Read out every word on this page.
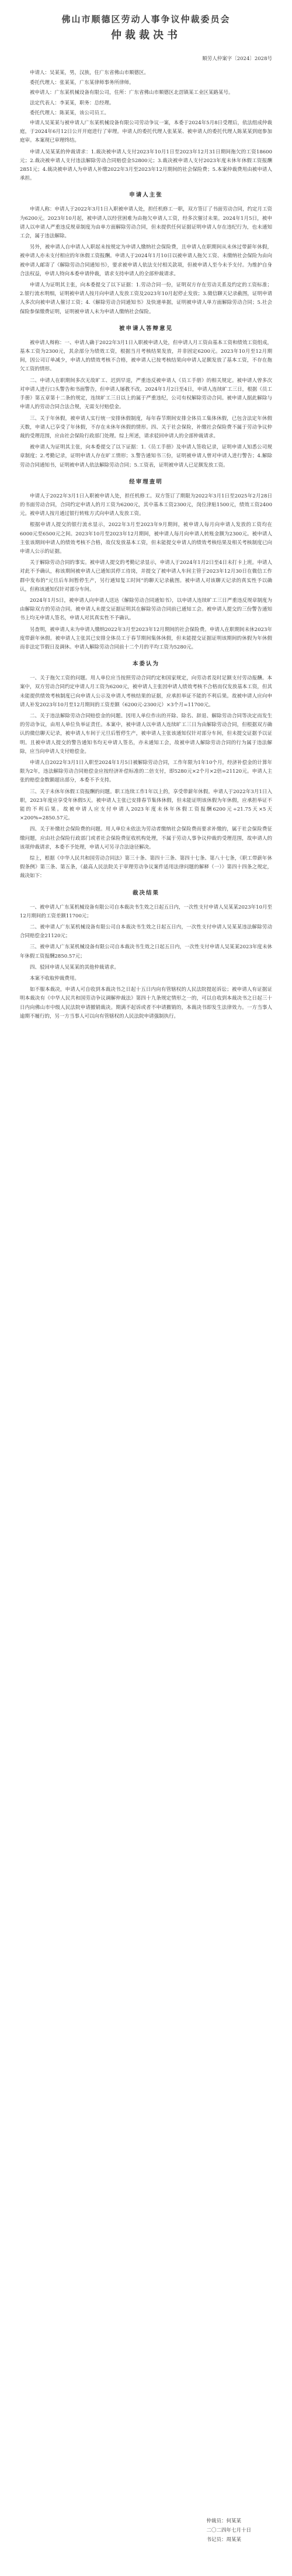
佛山市顺德区劳动人事争议仲裁委员会
仲裁裁决书
顺劳人仲案字〔2024〕2028号

申请人：吴某某，男，汉族，住广东省佛山市顺德区。

委托代理人：张某某，广东某律师事务所律师。

被申请人：广东某机械设备有限公司，住所：广东省佛山市顺德区北滘镇某工业区某路某号。

法定代表人：李某某，职务：总经理。

委托代理人：陈某某，该公司员工。

申请人吴某某与被申请人广东某机械设备有限公司劳动争议一案，本委于2024年5月8日受理后，依法组成仲裁庭，于2024年6月12日公开开庭进行了审理。申请人的委托代理人张某某、被申请人的委托代理人陈某某到庭参加庭审。本案现已审理终结。

申请人吴某某的仲裁请求：1.裁决被申请人支付2023年10月1日至2023年12月31日期间拖欠的工资18600元；2.裁决被申请人支付违法解除劳动合同赔偿金52800元；3.裁决被申请人支付2023年度未休年休假工资报酬2851元；4.裁决被申请人为申请人补缴2022年3月至2023年12月期间的社会保险费；5.本案仲裁费用由被申请人承担。

申请人主张

申请人称：申请人于2022年3月1日入职被申请人处，担任机修工一职，双方签订了书面劳动合同，约定月工资为6200元。2023年10月起，被申请人以经营困难为由拖欠申请人工资，经多次催讨未果。2024年1月5日，被申请人以申请人严重违反规章制度为由单方面解除劳动合同，但未提供任何证据证明申请人存在违纪行为，也未通知工会，属于违法解除。

另外，被申请人自申请人入职起未按规定为申请人缴纳社会保险费，且申请人在职期间从未休过带薪年休假，被申请人亦未支付相应的年休假工资报酬。申请人于2024年1月10日以被申请人拖欠工资、未缴纳社会保险为由向被申请人邮寄了《解除劳动合同通知书》，要求被申请人依法支付相关款项，但被申请人至今未予支付。为维护自身合法权益，申请人特向本委申请仲裁，请求支持申请人的全部仲裁请求。

申请人为证明其主张，向本委提交了以下证据：1.劳动合同一份，证明双方存在劳动关系及约定的工资标准；2.银行流水明细，证明被申请人按月向申请人发放工资及2023年10月起停止发放；3.微信聊天记录截图，证明申请人多次向被申请人催讨工资；4.《解除劳动合同通知书》及快递单据，证明被申请人单方面解除劳动合同；5.社会保险参保缴费证明，证明被申请人未为申请人缴纳社会保险。

被申请人答辩意见

被申请人辩称：一、申请人确于2022年3月1日入职被申请人处，但申请人月工资由基本工资和绩效工资组成，基本工资为2300元，其余部分为绩效工资，根据当月考核结果发放，并非固定6200元。2023年10月至12月期间，因公司订单减少，申请人的绩效考核不合格，被申请人已按考核结果向申请人足额发放了基本工资，不存在拖欠工资的情形。

二、申请人在职期间多次无故旷工、迟到早退，严重违反被申请人《员工手册》的相关规定。被申请人曾多次对申请人进行口头警告和书面警告，但申请人屡教不改。2024年1月2日至4日，申请人连续旷工三日，根据《员工手册》第五章第十二条的规定，连续旷工三日以上的属于严重违纪，公司有权解除劳动合同。被申请人据此解除与申请人的劳动合同合法合规，无需支付赔偿金。

三、关于年休假，被申请人实行统一安排休假制度，每年春节期间安排全体员工集体休假，已包含法定年休假天数，申请人已享受了年休假，不存在未休年休假的情形。四、关于社会保险，补缴社会保险费不属于劳动争议仲裁的受理范围，应由社会保险行政部门处理。综上所述，请求驳回申请人的全部仲裁请求。

被申请人为证明其主张，向本委提交了以下证据：1.《员工手册》及申请人签收记录，证明申请人知悉公司规章制度；2.考勤记录，证明申请人存在旷工情形；3.警告通知书三份，证明被申请人曾对申请人进行警告；4.解除劳动合同通知书，证明被申请人依法解除劳动合同；5.工资表，证明被申请人已足额发放工资。

经审理查明

申请人于2022年3月1日入职被申请人处，担任机修工。双方签订了期限为2022年3月1日至2025年2月28日的书面劳动合同，合同约定申请人的月工资为6200元，其中基本工资2300元，岗位津贴1500元，绩效工资2400元。被申请人按月通过银行转账方式向申请人发放工资。

根据申请人提交的银行流水显示，2022年3月至2023年9月期间，被申请人每月向申请人发放的工资均在6000元至6500元之间。2023年10月至2023年12月期间，被申请人每月向申请人转账金额为2300元。被申请人主张该期间申请人的绩效考核不合格，故仅发放基本工资，但未能提交申请人的绩效考核结果及相关考核制度已向申请人公示的证据。

关于解除劳动合同的事实。被申请人提交的考勤记录显示，申请人于2024年1月2日至4日未打卡上班。申请人对此不予确认，称该期间被申请人已通知其停工待岗，并提交了被申请人车间主管于2023年12月30日在微信工作群中发布的“元旦后车间暂停生产，另行通知复工时间”的聊天记录截图。被申请人对该聊天记录的真实性予以确认，但称该通知仅针对部分车间。

2024年1月5日，被申请人向申请人送达《解除劳动合同通知书》，以申请人连续旷工三日严重违反规章制度为由解除双方的劳动合同。被申请人未提交证据证明其在解除劳动合同前已通知工会。被申请人提交的三份警告通知书上均无申请人签名，申请人对其真实性不予确认。

另查明，被申请人未为申请人缴纳2022年3月至2023年12月期间的社会保险费。申请人在职期间未休2023年度带薪年休假。被申请人主张其已安排全体员工于春节期间集体休假，但未能提交证据证明该期间的休假为年休假而非法定节假日及调休。申请人解除劳动合同前十二个月的平均工资为5280元。

本委认为

一、关于拖欠工资的问题。用人单位应当按照劳动合同约定和国家规定，向劳动者及时足额支付劳动报酬。本案中，双方劳动合同约定申请人月工资为6200元，被申请人主张因申请人绩效考核不合格而仅发放基本工资，但其未能提供绩效考核制度已向申请人公示及申请人考核结果的证据，应承担举证不能的不利后果。故被申请人应向申请人补发2023年10月至12月期间的工资差额（6200元-2300元）×3个月=11700元。

二、关于违法解除劳动合同赔偿金的问题。因用人单位作出的开除、除名、辞退、解除劳动合同等决定而发生的劳动争议，由用人单位负举证责任。本案中，被申请人以申请人连续旷工三日为由解除劳动合同，但根据双方确认的微信聊天记录，被申请人车间于元旦后暂停生产，被申请人主张该通知仅针对部分车间，但未提交证据予以证明。且被申请人提交的警告通知书均无申请人签名，亦未通知工会，故被申请人解除劳动合同的行为属于违法解除，应当向申请人支付赔偿金。

申请人自2022年3月1日入职至2024年1月5日被解除劳动合同，工作年限为1年10个月，经济补偿金的计算年限为2年，违法解除劳动合同赔偿金应按经济补偿标准的二倍支付，即5280元×2个月×2倍=21120元。申请人主张的赔偿金数额超出部分，本委不予支持。

三、关于未休年休假工资报酬的问题。职工连续工作1年以上的，享受带薪年休假。申请人于2022年3月1日入职，2023年度应享受年休假5天。被申请人主张已安排春节集体休假，但未能证明该休假为年休假，应承担举证不能的不利后果。故被申请人应支付申请人2023年度未休年休假工资报酬6200元÷21.75天×5天×200%=2850.57元。

四、关于补缴社会保险费的问题。用人单位未依法为劳动者缴纳社会保险费而要求补缴的，属于社会保险费征缴问题，应由社会保险行政部门或者社会保险费征收机构处理，不属于劳动人事争议仲裁的受理范围，故申请人的该项仲裁请求，本委不予处理，申请人可另寻合法途径解决。

综上，根据《中华人民共和国劳动合同法》第三十条、第四十三条、第四十七条、第八十七条，《职工带薪年休假条例》第三条、第五条，《最高人民法院关于审理劳动争议案件适用法律问题的解释（一）》第四十四条之规定，裁决如下：

裁决结果

一、被申请人广东某机械设备有限公司自本裁决书生效之日起五日内，一次性支付申请人吴某某2023年10月至12月期间的工资差额11700元；

二、被申请人广东某机械设备有限公司自本裁决书生效之日起五日内，一次性支付申请人吴某某违法解除劳动合同赔偿金21120元；

三、被申请人广东某机械设备有限公司自本裁决书生效之日起五日内，一次性支付申请人吴某某2023年度未休年休假工资报酬2850.57元；

四、驳回申请人吴某某的其他仲裁请求。

本案不收取仲裁费用。

如不服本裁决，申请人可自收到本裁决书之日起十五日内向有管辖权的人民法院提起诉讼；被申请人有证据证明本裁决有《中华人民共和国劳动争议调解仲裁法》第四十九条规定情形之一的，可以自收到本裁决书之日起三十日内向佛山市中级人民法院申请撤销裁决。期满不起诉或者不申请撤销的，本裁决书即发生法律效力。一方当事人逾期不履行的，另一方当事人可以向有管辖权的人民法院申请强制执行。

仲裁员：何某某
二〇二四年七月十日
书记员：周某某
